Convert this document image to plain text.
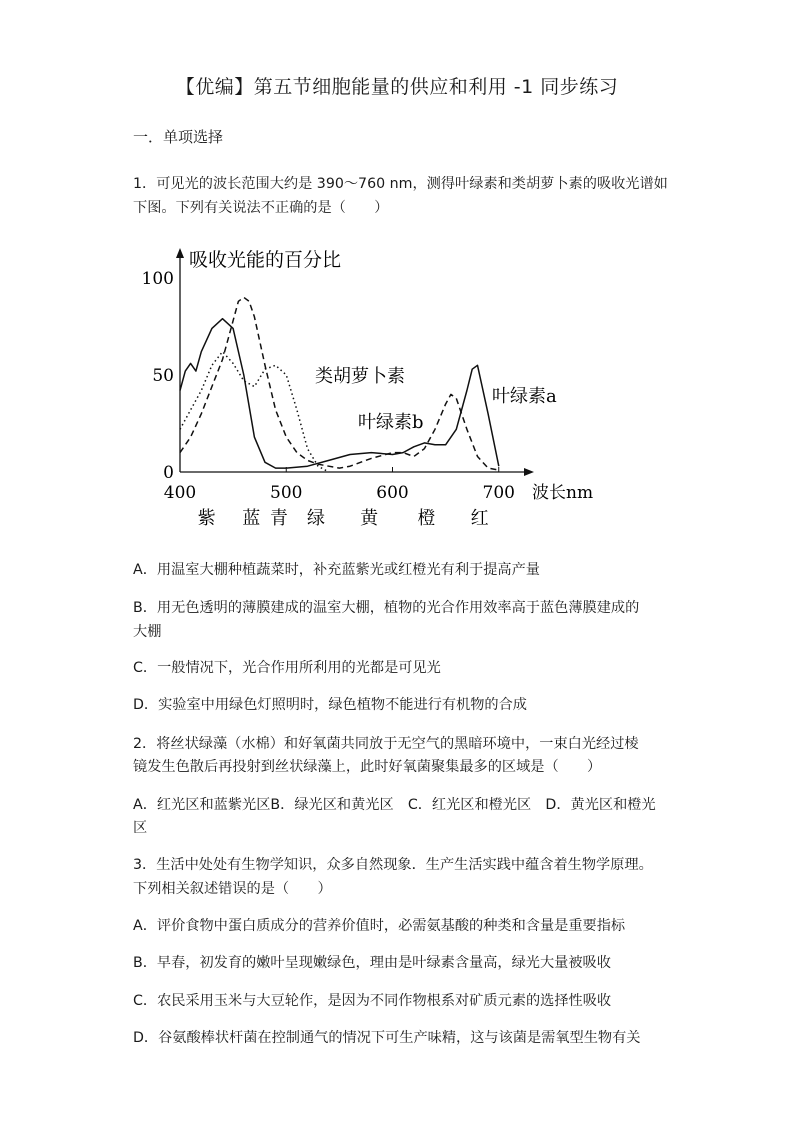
【优编】第五节细胞能量的供应和利用 -1 同步练习
一．单项选择
1．可见光的波长范围大约是 390～760 nm，测得叶绿素和类胡萝卜素的吸收光谱如
下图。下列有关说法不正确的是（　　）
吸收光能的百分比
100
50
0
400	500	600	700 波长nm
紫 蓝 青 绿 黄 橙 红
叶绿素a
叶绿素b
类胡萝卜素
A．用温室大棚种植蔬菜时，补充蓝紫光或红橙光有利于提高产量
B．用无色透明的薄膜建成的温室大棚，植物的光合作用效率高于蓝色薄膜建成的
大棚
C．一般情况下，光合作用所利用的光都是可见光
D．实验室中用绿色灯照明时，绿色植物不能进行有机物的合成
2．将丝状绿藻（水棉）和好氧菌共同放于无空气的黑暗环境中，一束白光经过棱
镜发生色散后再投射到丝状绿藻上，此时好氧菌聚集最多的区域是（　　）
A．红光区和蓝紫光区B．绿光区和黄光区　C．红光区和橙光区　D．黄光区和橙光
区
3．生活中处处有生物学知识，众多自然现象．生产生活实践中蕴含着生物学原理。
下列相关叙述错误的是（　　）
A．评价食物中蛋白质成分的营养价值时，必需氨基酸的种类和含量是重要指标
B．早春，初发育的嫩叶呈现嫩绿色，理由是叶绿素含量高，绿光大量被吸收
C．农民采用玉米与大豆轮作，是因为不同作物根系对矿质元素的选择性吸收
D．谷氨酸棒状杆菌在控制通气的情况下可生产味精，这与该菌是需氧型生物有关
